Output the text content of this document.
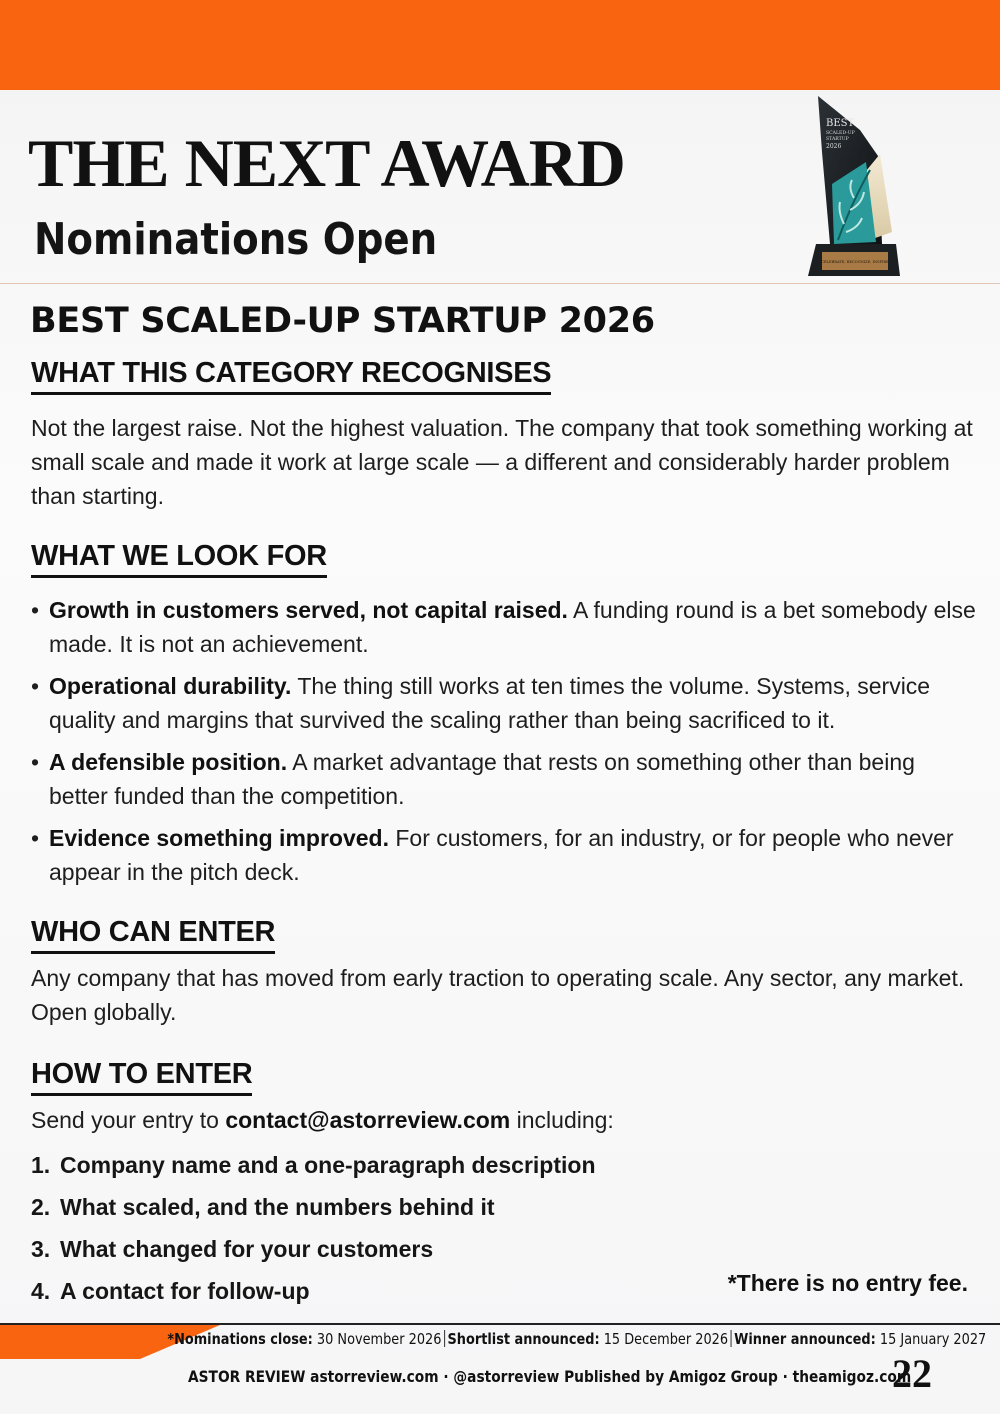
THE NEXT AWARD
Nominations Open	CELEBRATE, RECOGNIZE, INSPIRE
BEST
SCALED-UP
STARTUP
2026
BEST SCALED-UP STARTUP 2026
WHAT THIS CATEGORY RECOGNISES

Not the largest raise. Not the highest valuation. The company that took something working at small scale and made it work at large scale — a different and considerably harder problem than starting.

WHAT WE LOOK FOR
• Growth in customers served, not capital raised. A funding round is a bet somebody else made. It is not an achievement.
• Operational durability. The thing still works at ten times the volume. Systems, service quality and margins that survived the scaling rather than being sacrificed to it.
• A defensible position. A market advantage that rests on something other than being better funded than the competition.
• Evidence something improved. For customers, for an industry, or for people who never appear in the pitch deck.
WHO CAN ENTER

Any company that has moved from early traction to operating scale. Any sector, any market. Open globally.

HOW TO ENTER

Send your entry to contact@astorreview.com including:

1. Company name and a one-paragraph description
2. What scaled, and the numbers behind it
3. What changed for your customers
4. A contact for follow-up	*There is no entry fee.

*Nominations close: 30 November 2026 Shortlist announced: 15 December 2026 Winner announced: 15 January 2027

ASTOR REVIEW astorreview.com · @astorreview Published by Amigoz Group · theamigoz.com

22
